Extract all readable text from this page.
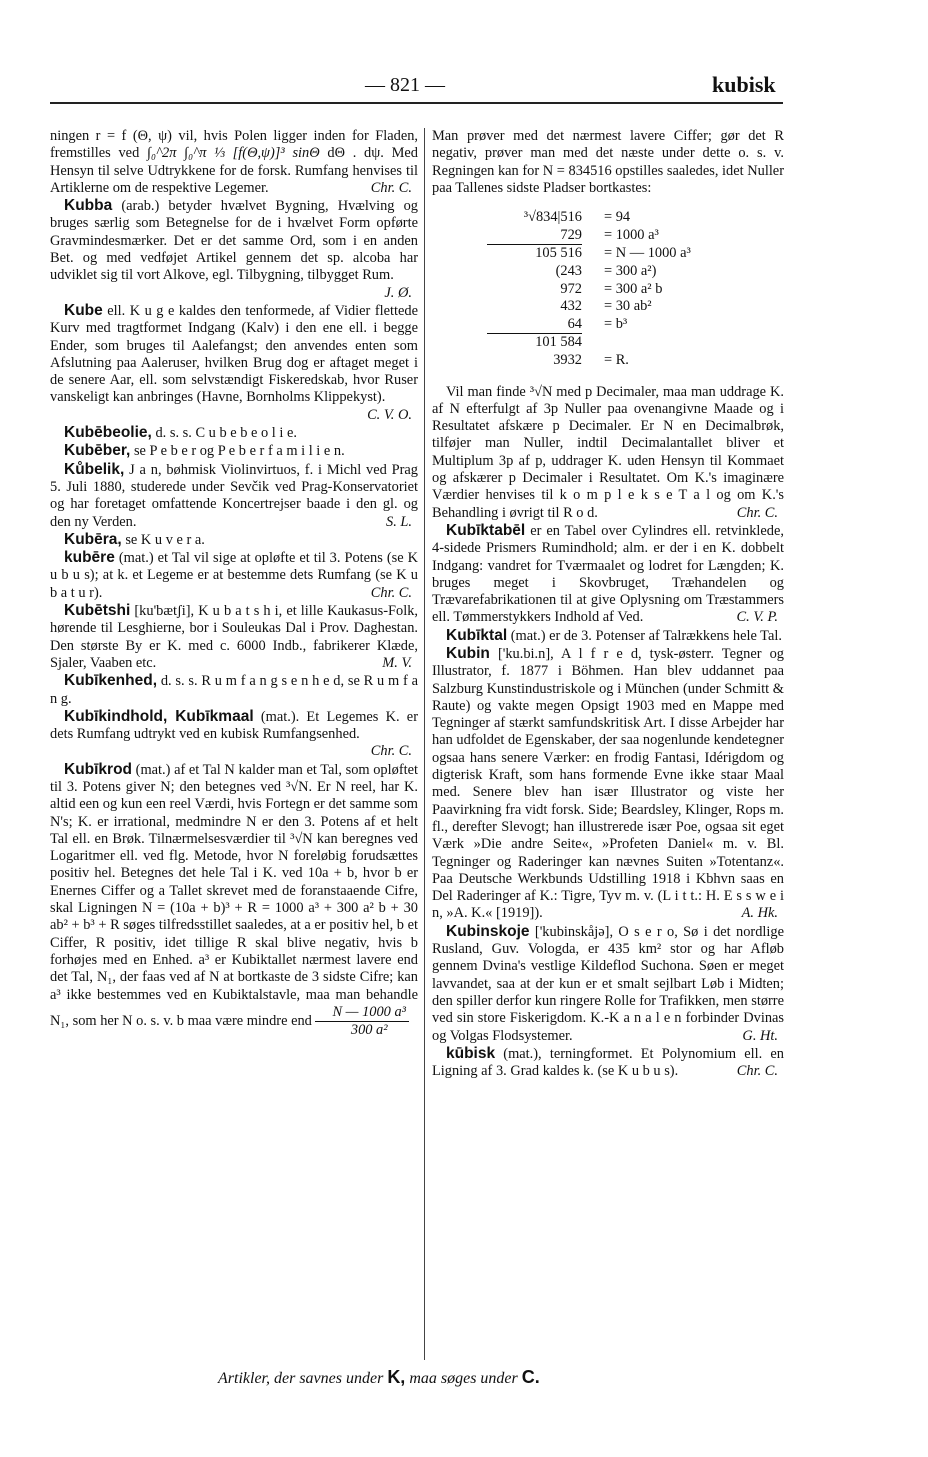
— 821 —	kubisk

ningen r = f (Θ, ψ) vil, hvis Polen ligger inden for Fladen, fremstilles ved ∫₀^2π ∫₀^π ⅓ [f(Θ,ψ)]³ sinΘ dΘ . dψ. Med Hensyn til selve Udtrykkene for de forsk. Rumfang henvises til Artiklerne om de respektive Legemer.	Chr. C.

Kubba (arab.) betyder hvælvet Bygning, Hvælving og bruges særlig som Betegnelse for de i hvælvet Form opførte Gravmindesmærker. Det er det samme Ord, som i en anden Bet. og med vedføjet Artikel gennem det sp. alcoba har udviklet sig til vort Alkove, egl. Tilbygning, tilbygget Rum.
J. Ø.

Kube ell. K u g e kaldes den tenformede, af Vidier flettede Kurv med tragtformet Indgang (Kalv) i den ene ell. i begge Ender, som bruges til Aalefangst; den anvendes enten som Afslutning paa Aaleruser, hvilken Brug dog er aftaget meget i de senere Aar, ell. som selvstændigt Fiskeredskab, hvor Ruser vanskeligt kan anbringes (Havne, Bornholms Klippekyst).
C. V. O.

Kubēbeolie, d. s. s. C u b e b e o l i e.

Kubēber, se P e b e r og P e b e r f a m i l i e n.

Kůbelik, J a n, bøhmisk Violinvirtuos, f. i Michl ved Prag 5. Juli 1880, studerede under Sevčik ved Prag-Konservatoriet og har foretaget omfattende Koncertrejser baade i den gl. og den ny Verden.	S. L.

Kubēra, se K u v e r a.

kubēre (mat.) et Tal vil sige at opløfte et til 3. Potens (se K u b u s); at k. et Legeme er at bestemme dets Rumfang (se K u b a t u r).	Chr. C.

Kubētshi [ku'bætʃi], K u b a t s h i, et lille Kaukasus-Folk, hørende til Lesghierne, bor i Souleukas Dal i Prov. Daghestan. Den største By er K. med c. 6000 Indb., fabrikerer Klæde, Sjaler, Vaaben etc.	M. V.

Kubīkenhed, d. s. s. R u m f a n g s e n h e d, se R u m f a n g.

Kubīkindhold, Kubīkmaal (mat.). Et Legemes K. er dets Rumfang udtrykt ved en kubisk Rumfangsenhed.
Chr. C.

Kubīkrod (mat.) af et Tal N kalder man et Tal, som opløftet til 3. Potens giver N; den betegnes ved ³√N. Er N reel, har K. altid een og kun een reel Værdi, hvis Fortegn er det samme som N's; K. er irrational, medmindre N er den 3. Potens af et helt Tal ell. en Brøk. Tilnærmelsesværdier til ³√N kan beregnes ved Logaritmer ell. ved flg. Metode, hvor N foreløbig forudsættes positiv hel. Betegnes det hele Tal i K. ved 10a + b, hvor b er Enernes Ciffer og a Tallet skrevet med de foranstaaende Cifre, skal Ligningen N = (10a + b)³ + R = 1000 a³ + 300 a² b + 30 ab² + b³ + R søges tilfredsstillet saaledes, at a er positiv hel, b et Ciffer, R positiv, idet tillige R skal blive negativ, hvis b forhøjes med en Enhed. a³ er Kubiktallet nærmest lavere end det Tal, N₁, der faas ved af N at bortkaste de 3 sidste Cifre; kan a³ ikke bestemmes ved en Kubiktalstavle, maa man behandle N₁, som her N o. s. v. b maa være mindre end $\frac{\text{N — 1000 a³}}{\text{300 a²}}$

Man prøver med det nærmest lavere Ciffer; gør det R negativ, prøver man med det næste under dette o. s. v. Regningen kan for N = 834516 opstilles saaledes, idet Nuller paa Tallenes sidste Pladser bortkastes:

³√834|516 = 94
729 = 1000 a³
105 516 = N — 1000 a³
(243 = 300 a²)
972 = 300 a² b
432 = 30 ab²
64 = b³
101 584
3932 = R.

Vil man finde ³√N med p Decimaler, maa man uddrage K. af N efterfulgt af 3p Nuller paa ovenangivne Maade og i Resultatet afskære p Decimaler. Er N en Decimalbrøk, tilføjer man Nuller, indtil Decimalantallet bliver et Multiplum 3p af p, uddrager K. uden Hensyn til Kommaet og afskærer p Decimaler i Resultatet. Om K.'s imaginære Værdier henvises til k o m p l e k s e T a l og om K.'s Behandling i øvrigt til R o d.	Chr. C.

Kubīktabēl er en Tabel over Cylindres ell. retvinklede, 4-sidede Prismers Rumindhold; alm. er der i en K. dobbelt Indgang: vandret for Tværmaalet og lodret for Længden; K. bruges meget i Skovbruget, Træhandelen og Trævarefabrikationen til at give Oplysning om Træstammers ell. Tømmerstykkers Indhold af Ved.	C. V. P.

Kubīktal (mat.) er de 3. Potenser af Talrækkens hele Tal.

Kubin ['ku.bi.n], A l f r e d, tysk-østerr. Tegner og Illustrator, f. 1877 i Böhmen. Han blev uddannet paa Salzburg Kunstindustriskole og i München (under Schmitt & Raute) og vakte megen Opsigt 1903 med en Mappe med Tegninger af stærkt samfundskritisk Art. I disse Arbejder har han udfoldet de Egenskaber, der saa nogenlunde kendetegner ogsaa hans senere Værker: en frodig Fantasi, Idérigdom og digterisk Kraft, som hans formende Evne ikke staar Maal med. Senere blev han især Illustrator og viste her Paavirkning fra vidt forsk. Side; Beardsley, Klinger, Rops m. fl., derefter Slevogt; han illustrerede især Poe, ogsaa sit eget Værk »Die andre Seite«, »Profeten Daniel« m. v. Bl. Tegninger og Raderinger kan nævnes Suiten »Totentanz«. Paa Deutsche Werkbunds Udstilling 1918 i Kbhvn saas en Del Raderinger af K.: Tigre, Tyv m. v. (L i t t.: H. E s s w e i n, »A. K.« [1919]).	A. Hk.

Kubinskoje ['kubinskåjə], O s e r o, Sø i det nordlige Rusland, Guv. Vologda, er 435 km² stor og har Afløb gennem Dvina's vestlige Kildeflod Suchona. Søen er meget lavvandet, saa at der kun er et smalt sejlbart Løb i Midten; den spiller derfor kun ringere Rolle for Trafikken, men større ved sin store Fiskerigdom. K.-K a n a l e n forbinder Dvinas og Volgas Flodsystemer.	G. Ht.

kūbisk (mat.), terningformet. Et Polynomium ell. en Ligning af 3. Grad kaldes k. (se K u b u s).	Chr. C.

Artikler, der savnes under K, maa søges under C.
